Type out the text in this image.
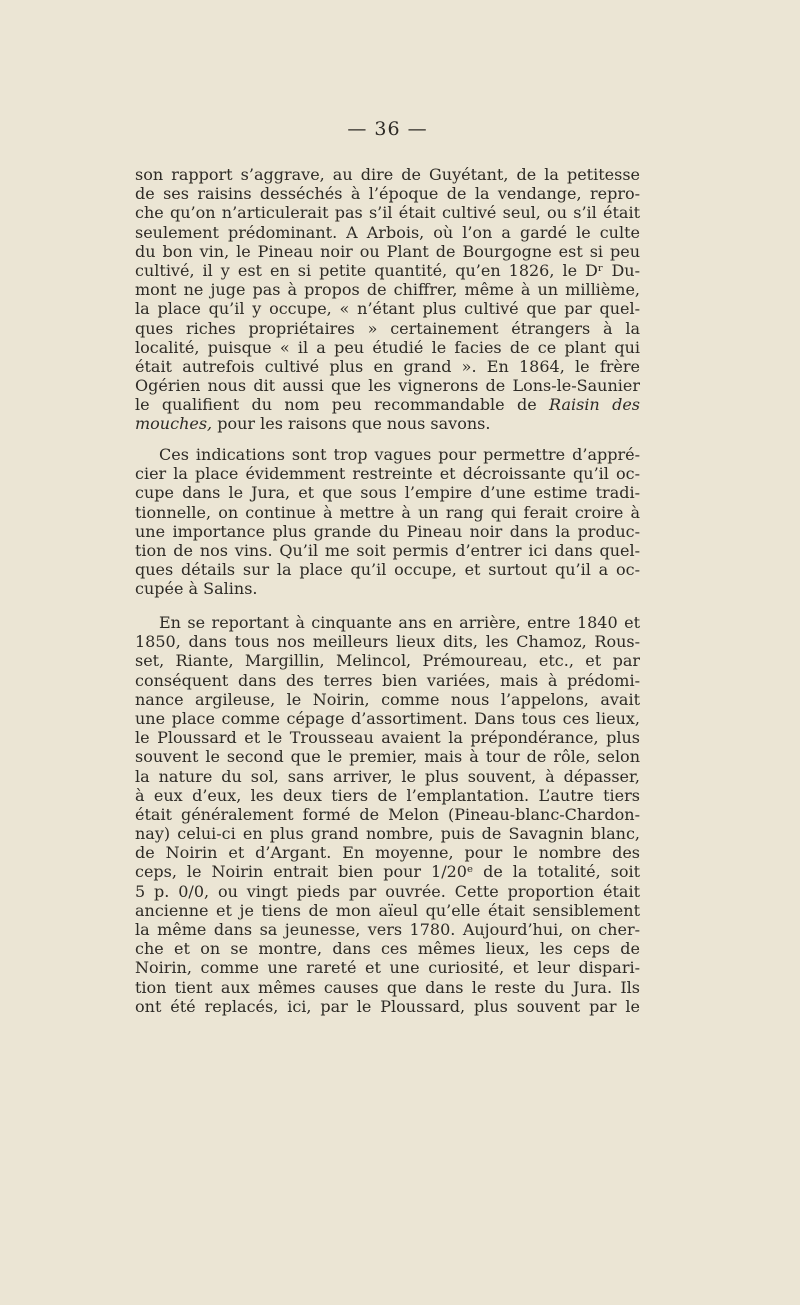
— 36 —
son rapport s’aggrave, au dire de Guyétant, de la petitesse
de ses raisins desséchés à l’époque de la vendange, repro-
che qu’on n’articulerait pas s’il était cultivé seul, ou s’il était
seulement prédominant. A Arbois, où l’on a gardé le culte
du bon vin, le Pineau noir ou Plant de Bourgogne est si peu
cultivé, il y est en si petite quantité, qu’en 1826, le Dʳ Du-
mont ne juge pas à propos de chiffrer, même à un millième,
la place qu’il y occupe, « n’étant plus cultivé que par quel-
ques riches propriétaires » certainement étrangers à la
localité, puisque « il a peu étudié le facies de ce plant qui
était autrefois cultivé plus en grand ». En 1864, le frère
Ogérien nous dit aussi que les vignerons de Lons-le-Saunier
le qualifient du nom peu recommandable de Raisin des
mouches, pour les raisons que nous savons.
Ces indications sont trop vagues pour permettre d’appré-
cier la place évidemment restreinte et décroissante qu’il oc-
cupe dans le Jura, et que sous l’empire d’une estime tradi-
tionnelle, on continue à mettre à un rang qui ferait croire à
une importance plus grande du Pineau noir dans la produc-
tion de nos vins. Qu’il me soit permis d’entrer ici dans quel-
ques détails sur la place qu’il occupe, et surtout qu’il a oc-
cupée à Salins.
En se reportant à cinquante ans en arrière, entre 1840 et
1850, dans tous nos meilleurs lieux dits, les Chamoz, Rous-
set, Riante, Margillin, Melincol, Prémoureau, etc., et par
conséquent dans des terres bien variées, mais à prédomi-
nance argileuse, le Noirin, comme nous l’appelons, avait
une place comme cépage d’assortiment. Dans tous ces lieux,
le Ploussard et le Trousseau avaient la prépondérance, plus
souvent le second que le premier, mais à tour de rôle, selon
la nature du sol, sans arriver, le plus souvent, à dépasser,
à eux d’eux, les deux tiers de l’emplantation. L’autre tiers
était généralement formé de Melon (Pineau-blanc-Chardon-
nay) celui-ci en plus grand nombre, puis de Savagnin blanc,
de Noirin et d’Argant. En moyenne, pour le nombre des
ceps, le Noirin entrait bien pour 1/20ᵉ de la totalité, soit
5 p. 0/0, ou vingt pieds par ouvrée. Cette proportion était
ancienne et je tiens de mon aïeul qu’elle était sensiblement
la même dans sa jeunesse, vers 1780. Aujourd’hui, on cher-
che et on se montre, dans ces mêmes lieux, les ceps de
Noirin, comme une rareté et une curiosité, et leur dispari-
tion tient aux mêmes causes que dans le reste du Jura. Ils
ont été replacés, ici, par le Ploussard, plus souvent par le
